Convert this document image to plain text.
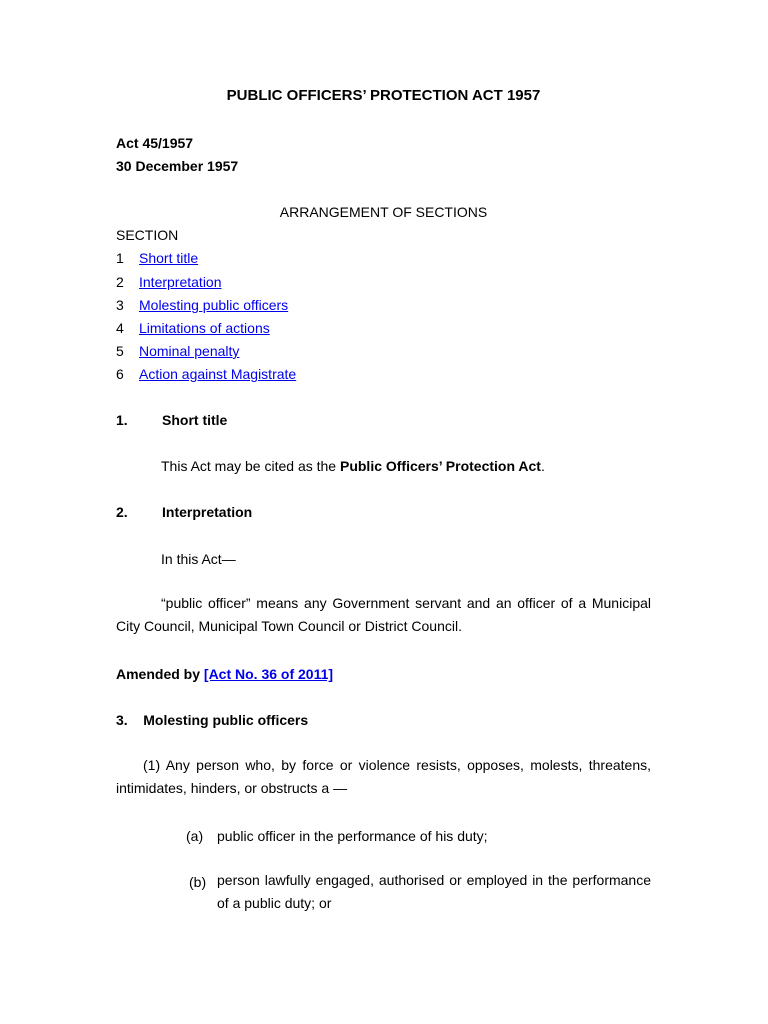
PUBLIC OFFICERS’ PROTECTION ACT 1957
Act 45/1957
30 December 1957
ARRANGEMENT OF SECTIONS
SECTION
1 Short title
2 Interpretation
3 Molesting public officers
4 Limitations of actions
5 Nominal penalty
6 Action against Magistrate
1. Short title
This Act may be cited as the Public Officers’ Protection Act.
2. Interpretation
In this Act—
“public officer” means any Government servant and an officer of a Municipal City Council, Municipal Town Council or District Council.
Amended by [Act No. 36 of 2011]
3.    Molesting public officers
(1) Any person who, by force or violence resists, opposes, molests, threatens, intimidates, hinders, or obstructs a —
(a) public officer in the performance of his duty;
(b) person lawfully engaged, authorised or employed in the performance of a public duty; or
